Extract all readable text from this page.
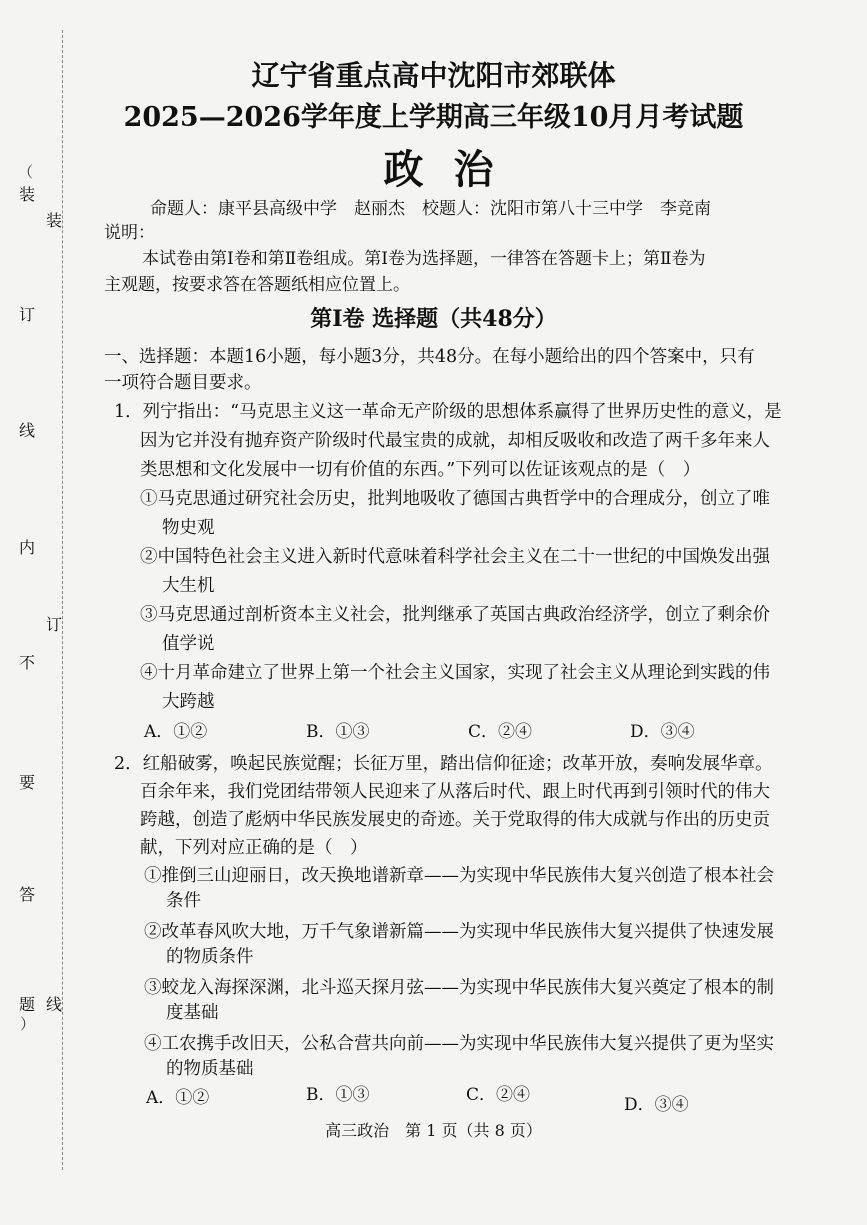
（
装
订
线
内
不
要
答
题
）
装
订
线
辽宁省重点高中沈阳市郊联体
2025—2026学年度上学期高三年级10月月考试题
政治
命题人：康平县高级中学　赵丽杰　校题人：沈阳市第八十三中学　李竞南
说明：
本试卷由第Ⅰ卷和第Ⅱ卷组成。第Ⅰ卷为选择题，一律答在答题卡上；第Ⅱ卷为
主观题，按要求答在答题纸相应位置上。
第Ⅰ卷 选择题（共48分）
一、选择题：本题16小题，每小题3分，共48分。在每小题给出的四个答案中，只有
一项符合题目要求。
1．列宁指出：“马克思主义这一革命无产阶级的思想体系赢得了世界历史性的意义，是
因为它并没有抛弃资产阶级时代最宝贵的成就，却相反吸收和改造了两千多年来人
类思想和文化发展中一切有价值的东西。”下列可以佐证该观点的是（　）
①马克思通过研究社会历史，批判地吸收了德国古典哲学中的合理成分，创立了唯
物史观
②中国特色社会主义进入新时代意味着科学社会主义在二十一世纪的中国焕发出强
大生机
③马克思通过剖析资本主义社会，批判继承了英国古典政治经济学，创立了剩余价
值学说
④十月革命建立了世界上第一个社会主义国家，实现了社会主义从理论到实践的伟
大跨越
A．①②	B．①③	C．②④	D．③④
2．红船破雾，唤起民族觉醒；长征万里，踏出信仰征途；改革开放，奏响发展华章。
百余年来，我们党团结带领人民迎来了从落后时代、跟上时代再到引领时代的伟大
跨越，创造了彪炳中华民族发展史的奇迹。关于党取得的伟大成就与作出的历史贡
献，下列对应正确的是（　）
①推倒三山迎丽日，改天换地谱新章——为实现中华民族伟大复兴创造了根本社会
条件
②改革春风吹大地，万千气象谱新篇——为实现中华民族伟大复兴提供了快速发展
的物质条件
③蛟龙入海探深渊，北斗巡天探月弦——为实现中华民族伟大复兴奠定了根本的制
度基础
④工农携手改旧天，公私合营共向前——为实现中华民族伟大复兴提供了更为坚实
的物质基础
A．①②	B．①③	C．②④	D．③④
高三政治　第 1 页（共 8 页）
